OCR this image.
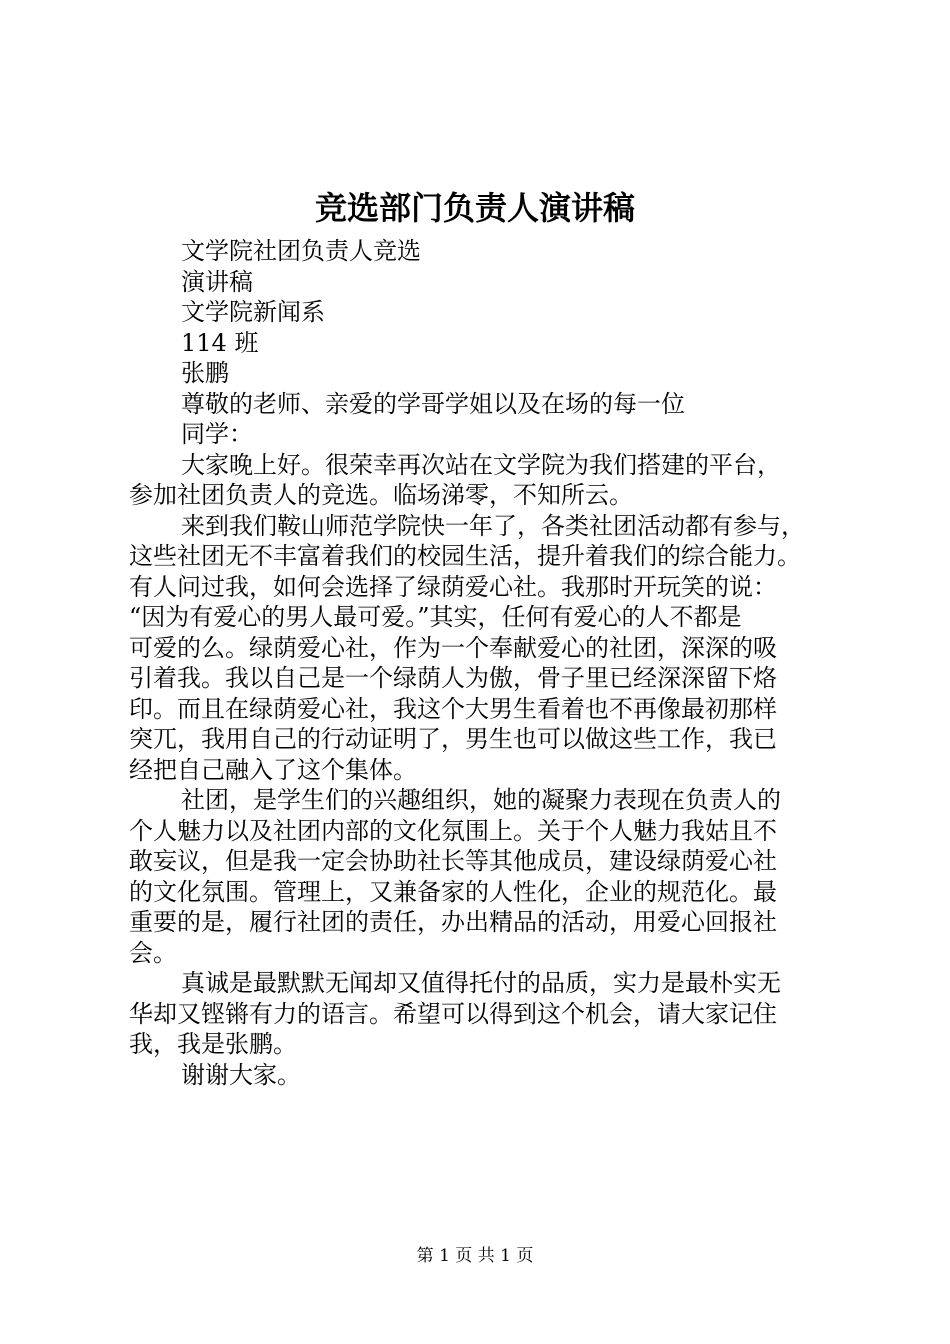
竞选部门负责人演讲稿
文学院社团负责人竞选
演讲稿
文学院新闻系
114 班
张鹏
尊敬的老师、亲爱的学哥学姐以及在场的每一位
同学：
大家晚上好。很荣幸再次站在文学院为我们搭建的平台，
参加社团负责人的竞选。临场涕零，不知所云。
来到我们鞍山师范学院快一年了，各类社团活动都有参与，
这些社团无不丰富着我们的校园生活，提升着我们的综合能力。
有人问过我，如何会选择了绿荫爱心社。我那时开玩笑的说：
“因为有爱心的男人最可爱。”其实，任何有爱心的人不都是
可爱的么。绿荫爱心社，作为一个奉献爱心的社团，深深的吸
引着我。我以自己是一个绿荫人为傲，骨子里已经深深留下烙
印。而且在绿荫爱心社，我这个大男生看着也不再像最初那样
突兀，我用自己的行动证明了，男生也可以做这些工作，我已
经把自己融入了这个集体。
社团，是学生们的兴趣组织，她的凝聚力表现在负责人的
个人魅力以及社团内部的文化氛围上。关于个人魅力我姑且不
敢妄议，但是我一定会协助社长等其他成员，建设绿荫爱心社
的文化氛围。管理上，又兼备家的人性化，企业的规范化。最
重要的是，履行社团的责任，办出精品的活动，用爱心回报社
会。
真诚是最默默无闻却又值得托付的品质，实力是最朴实无
华却又铿锵有力的语言。希望可以得到这个机会，请大家记住
我，我是张鹏。
谢谢大家。
第 1 页 共 1 页
